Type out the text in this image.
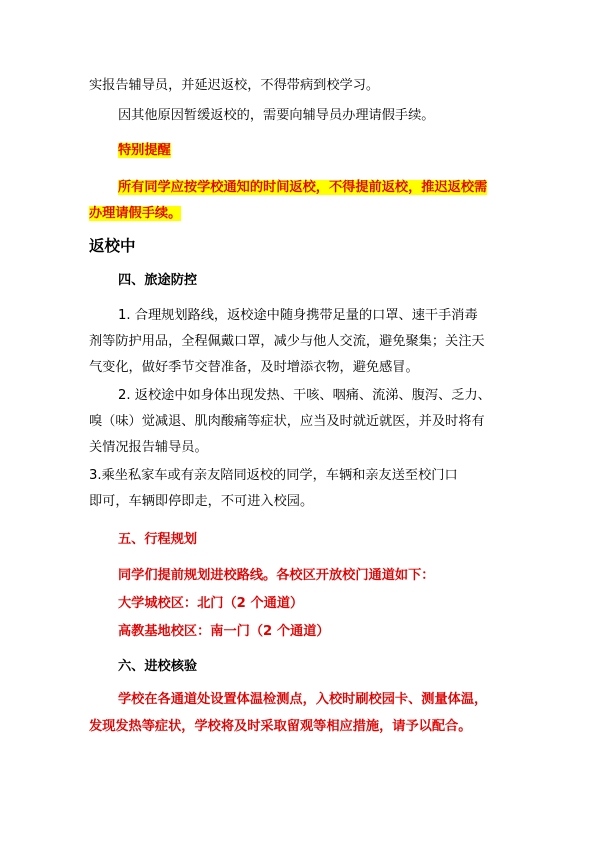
实报告辅导员，并延迟返校，不得带病到校学习。

因其他原因暂缓返校的，需要向辅导员办理请假手续。

特别提醒

所有同学应按学校通知的时间返校，不得提前返校，推迟返校需

办理请假手续。

返校中

四、旅途防控

1. 合理规划路线，返校途中随身携带足量的口罩、速干手消毒

剂等防护用品，全程佩戴口罩，减少与他人交流，避免聚集；关注天

气变化，做好季节交替准备，及时增添衣物，避免感冒。

2. 返校途中如身体出现发热、干咳、咽痛、流涕、腹泻、乏力、

嗅（味）觉减退、肌肉酸痛等症状，应当及时就近就医，并及时将有

关情况报告辅导员。

3.乘坐私家车或有亲友陪同返校的同学，车辆和亲友送至校门口

即可，车辆即停即走，不可进入校园。

五、行程规划

同学们提前规划进校路线。各校区开放校门通道如下：

大学城校区：北门（2 个通道）

高教基地校区：南一门（2 个通道）

六、进校核验

学校在各通道处设置体温检测点，入校时刷校园卡、测量体温，

发现发热等症状，学校将及时采取留观等相应措施，请予以配合。
